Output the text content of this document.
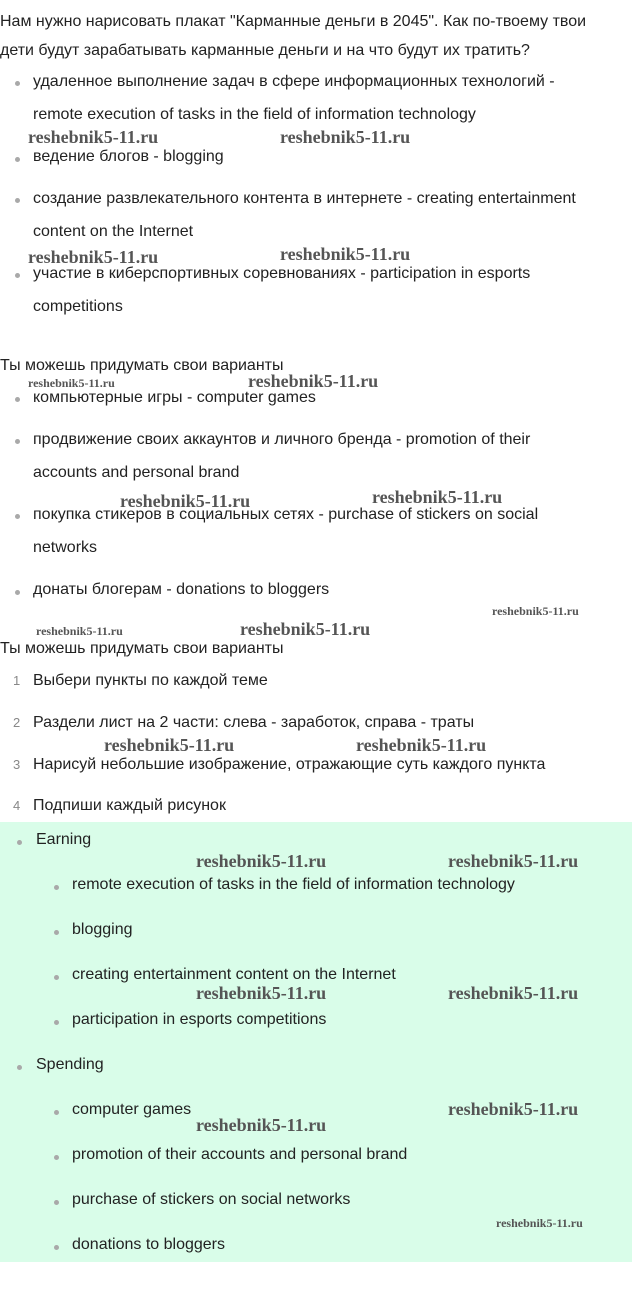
Нам нужно нарисовать плакат "Карманные деньги в 2045". Как по-твоему твои
дети будут зарабатывать карманные деньги и на что будут их тратить?
удаленное выполнение задач в сфере информационных технологий -
remote execution of tasks in the field of information technology
ведение блогов - blogging
создание развлекательного контента в интернете - creating entertainment
content on the Internet
участие в киберспортивных соревнованиях - participation in esports
competitions
Ты можешь придумать свои варианты
компьютерные игры - computer games
продвижение своих аккаунтов и личного бренда - promotion of their
accounts and personal brand
покупка стикеров в социальных сетях - purchase of stickers on social
networks
донаты блогерам - donations to bloggers
Ты можешь придумать свои варианты
1 Выбери пункты по каждой теме
2 Раздели лист на 2 части: слева - заработок, справа - траты
3 Нарисуй небольшие изображение, отражающие суть каждого пункта
4 Подпиши каждый рисунок
Earning
remote execution of tasks in the field of information technology
blogging
creating entertainment content on the Internet
participation in esports competitions
Spending
computer games
promotion of their accounts and personal brand
purchase of stickers on social networks
donations to bloggers
reshebnik5-11.ru	reshebnik5-11.ru
reshebnik5-11.ru	reshebnik5-11.ru
reshebnik5-11.ru	reshebnik5-11.ru
reshebnik5-11.ru	reshebnik5-11.ru
reshebnik5-11.ru
reshebnik5-11.ru	reshebnik5-11.ru
reshebnik5-11.ru	reshebnik5-11.ru
reshebnik5-11.ru	reshebnik5-11.ru
reshebnik5-11.ru	reshebnik5-11.ru
reshebnik5-11.ru
reshebnik5-11.ru
reshebnik5-11.ru
